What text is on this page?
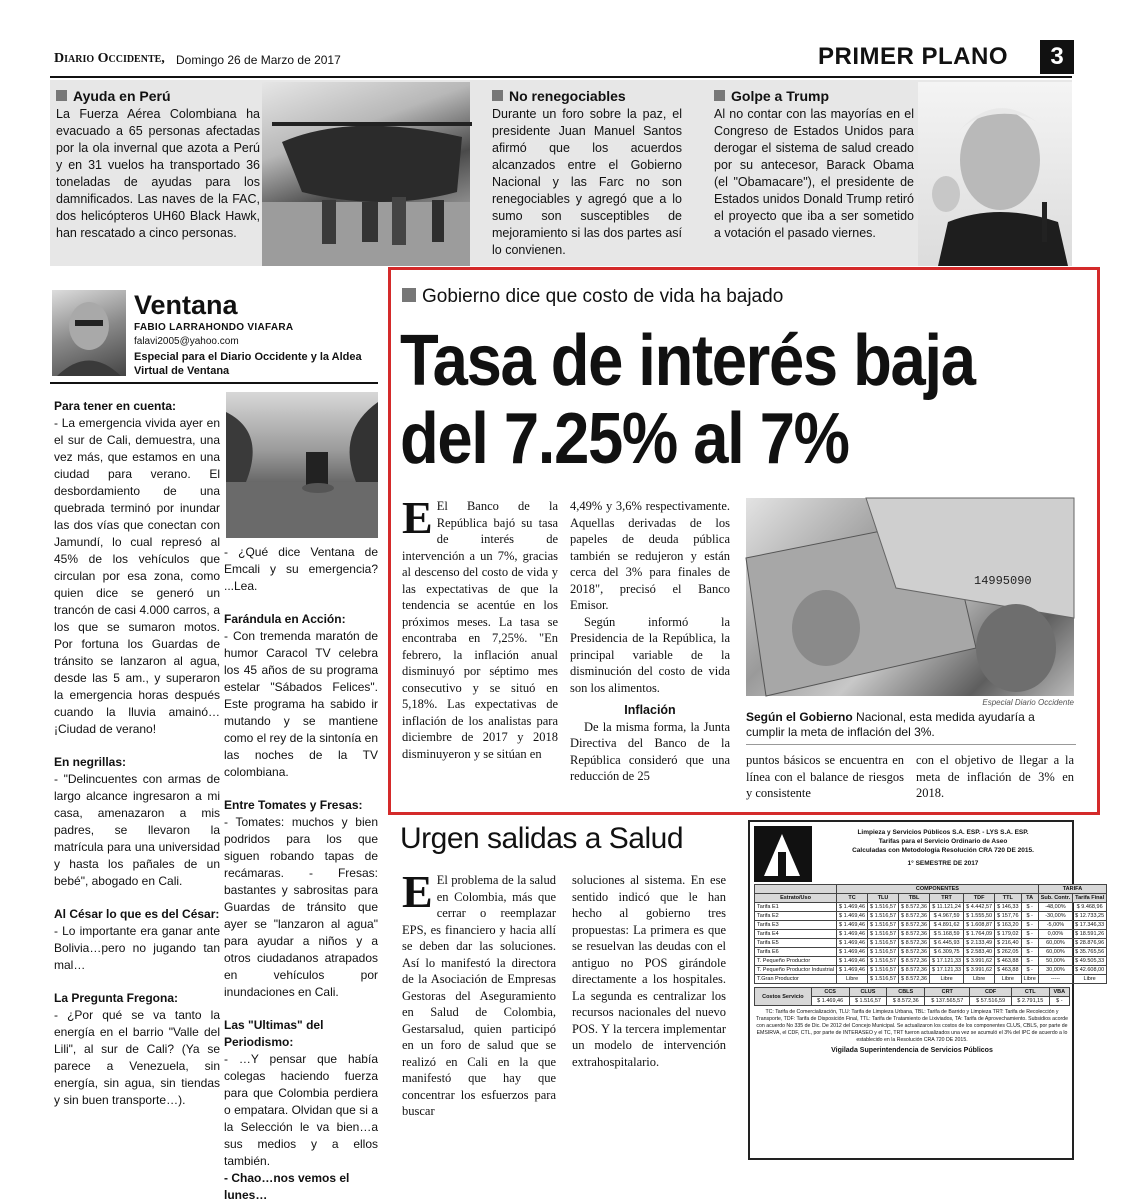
Diario Occidente, Domingo 26 de Marzo de 2017	PRIMER PLANO	3
Ayuda en Perú
La Fuerza Aérea Colombiana ha evacuado a 65 personas afectadas por la ola invernal que azota a Perú y en 31 vuelos ha transportado 36 toneladas de ayudas para los damnificados. Las naves de la FAC, dos helicópteros UH60 Black Hawk, han rescatado a cinco personas.
No renegociables
Durante un foro sobre la paz, el presidente Juan Manuel Santos afirmó que los acuerdos alcanzados entre el Gobierno Nacional y las Farc no son renegociables y agregó que a lo sumo son susceptibles de mejoramiento si las dos partes así lo convienen.
Golpe a Trump
Al no contar con las mayorías en el Congreso de Estados Unidos para derogar el sistema de salud creado por su antecesor, Barack Obama (el "Obamacare"), el presidente de Estados unidos Donald Trump retiró el proyecto que iba a ser sometido a votación el pasado viernes.
Ventana
FABIO LARRAHONDO VIAFARA
falavi2005@yahoo.com
Especial para el Diario Occidente y la Aldea Virtual de Ventana
Para tener en cuenta:
- La emergencia vivida ayer en el sur de Cali, demuestra, una vez más, que estamos en una ciudad para verano. El desbordamiento de una quebrada terminó por inundar las dos vías que conectan con Jamundí, lo cual represó al 45% de los vehículos que circulan por esa zona, como quien dice se generó un trancón de casi 4.000 carros, a los que se sumaron motos. Por fortuna los Guardas de tránsito se lanzaron al agua, desde las 5 am., y superaron la emergencia horas después cuando la lluvia amainó…¡Ciudad de verano!
En negrillas:
- "Delincuentes con armas de largo alcance ingresaron a mi casa, amenazaron a mis padres, se llevaron la matrícula para una universidad y hasta los pañales de un bebé", abogado en Cali.
Al César lo que es del César:
- Lo importante era ganar ante Bolivia…pero no jugando tan mal…
La Pregunta Fregona:
- ¿Por qué se va tanto la energía en el barrio "Valle del Lili", al sur de Cali? (Ya se parece a Venezuela, sin energía, sin agua, sin tiendas y sin buen transporte…).
- ¿Qué dice Ventana de Emcali y su emergencia? ...Lea.
Farándula en Acción:
- Con tremenda maratón de humor Caracol TV celebra los 45 años de su programa estelar "Sábados Felices". Este programa ha sabido ir mutando y se mantiene como el rey de la sintonía en las noches de la TV colombiana.
Entre Tomates y Fresas:
- Tomates: muchos y bien podridos para los que siguen robando tapas de recámaras. - Fresas: bastantes y sabrositas para Guardas de tránsito que ayer se "lanzaron al agua" para ayudar a niños y a otros ciudadanos atrapados en vehículos por inundaciones en Cali.
Las "Ultimas" del Periodismo:
- …Y pensar que había colegas haciendo fuerza para que Colombia perdiera o empatara. Olvidan que si a la Selección le va bien…a sus medios y a ellos también.
- Chao…nos vemos el lunes…
Gobierno dice que costo de vida ha bajado
Tasa de interés baja
del 7.25% al 7%
E El Banco de la República bajó su tasa de interés de intervención a un 7%, gracias al descenso del costo de vida y las expectativas de que la tendencia se acentúe en los próximos meses. La tasa se encontraba en 7,25%. "En febrero, la inflación anual disminuyó por séptimo mes consecutivo y se situó en 5,18%. Las expectativas de inflación de los analistas para diciembre de 2017 y 2018 disminuyeron y se sitúan en
4,49% y 3,6% respectivamente. Aquellas derivadas de los papeles de deuda pública también se redujeron y están cerca del 3% para finales de 2018", precisó el Banco Emisor.
Según informó la Presidencia de la República, la principal variable de la disminución del costo de vida son los alimentos.
Inflación
De la misma forma, la Junta Directiva del Banco de la República consideró que una reducción de 25
14995090
Especial Diario Occidente
Según el Gobierno Nacional, esta medida ayudaría a cumplir la meta de inflación del 3%.
puntos básicos se encuentra en línea con el balance de riesgos y consistente
con el objetivo de llegar a la meta de inflación de 3% en 2018.
Urgen salidas a Salud
E El problema de la salud en Colombia, más que cerrar o reemplazar EPS, es financiero y hacia allí se deben dar las soluciones. Así lo manifestó la directora de la Asociación de Empresas Gestoras del Aseguramiento en Salud de Colombia, Gestarsalud, quien participó en un foro de salud que se realizó en Cali en la que manifestó que hay que concentrar los esfuerzos para buscar
soluciones al sistema. En ese sentido indicó que le han hecho al gobierno tres propuestas: La primera es que se resuelvan las deudas con el antiguo no POS girándole directamente a los hospitales. La segunda es centralizar los recursos nacionales del nuevo POS. Y la tercera implementar un modelo de intervención extrahospitalario.
Limpieza y Servicios Públicos S.A. ESP. - LYS S.A. ESP.
Tarifas para el Servicio Ordinario de Aseo
Calculadas con Metodología Resolución CRA 720 DE 2015.
1° SEMESTRE DE 2017
	COMPONENTES							TARIFA	
Estrato/Uso	TC	TLU	TBL	TRT	TDF	TTL	TA	Sub. Contr.	Tarifa Final
Tarifa E1	$ 1.469,46	$ 1.516,57	$ 8.572,36	$ 11.121,24	$ 4.442,57	$ 146,33	$ -	-48,00%	$ 9.468,96
Tarifa E2	$ 1.469,46	$ 1.516,57	$ 8.572,36	$ 4.967,59	$ 1.555,50	$ 157,76	$ -	-30,00%	$ 12.733,25
Tarifa E3	$ 1.469,46	$ 1.516,57	$ 8.572,36	$ 4.891,62	$ 1.608,87	$ 163,20	$ -	-5,00%	$ 17.346,33
Tarifa E4	$ 1.469,46	$ 1.516,57	$ 8.572,36	$ 5.168,59	$ 1.764,09	$ 179,02	$ -	0,00%	$ 18.591,26
Tarifa E5	$ 1.469,46	$ 1.516,57	$ 8.572,36	$ 6.445,93	$ 2.133,49	$ 216,40	$ -	60,00%	$ 28.876,96
Tarifa E6	$ 1.469,46	$ 1.516,57	$ 8.572,36	$ 6.309,75	$ 2.583,40	$ 262,05	$ -	60,00%	$ 35.765,56
T. Pequeño Productor	$ 1.469,46	$ 1.516,57	$ 8.572,36	$ 17.121,33	$ 3.991,62	$ 463,88	$ -	50,00%	$ 49.505,33
T. Pequeño Productor Industrial	$ 1.469,46	$ 1.516,57	$ 8.572,36	$ 17.121,33	$ 3.991,62	$ 463,88	$ -	30,00%	$ 42.608,00
T.Gran Productor	Libre	$ 1.516,57	$ 8.572,36	Libre	Libre	Libre	Libre	-----	Libre
Costos Servicio	CCS	CLUS	CBLS	CRT	CDF	CTL	VBA
	$ 1.469,46	$ 1.516,57	$ 8.572,36	$ 137.565,57	$ 57.516,59	$ 2.791,15	$ -
TC: Tarifa de Comercialización, TLU: Tarifa de Limpieza Urbana, TBL: Tarifa de Barrido y Limpieza TRT: Tarifa de Recolección y Transporte, TDF: Tarifa de Disposición Final, TTL: Tarifa de Tratamiento de Lixiviados, TA: Tarifa de Aprovechamiento. Subsidios acorde con acuerdo No 335 de Dic. De 2012 del Concejo Municipal. Se actualizaron los costos de los componentes CLUS, CBLS, por parte de EMSIRVA, el CDF, CTL, por parte de INTERASEO y el TC, TRT fueron actualizados una vez se acumuló el 3% del IPC de acuerdo a lo establecido en la Resolución CRA 720 DE 2015.
Vigilada Superintendencia de Servicios Públicos
